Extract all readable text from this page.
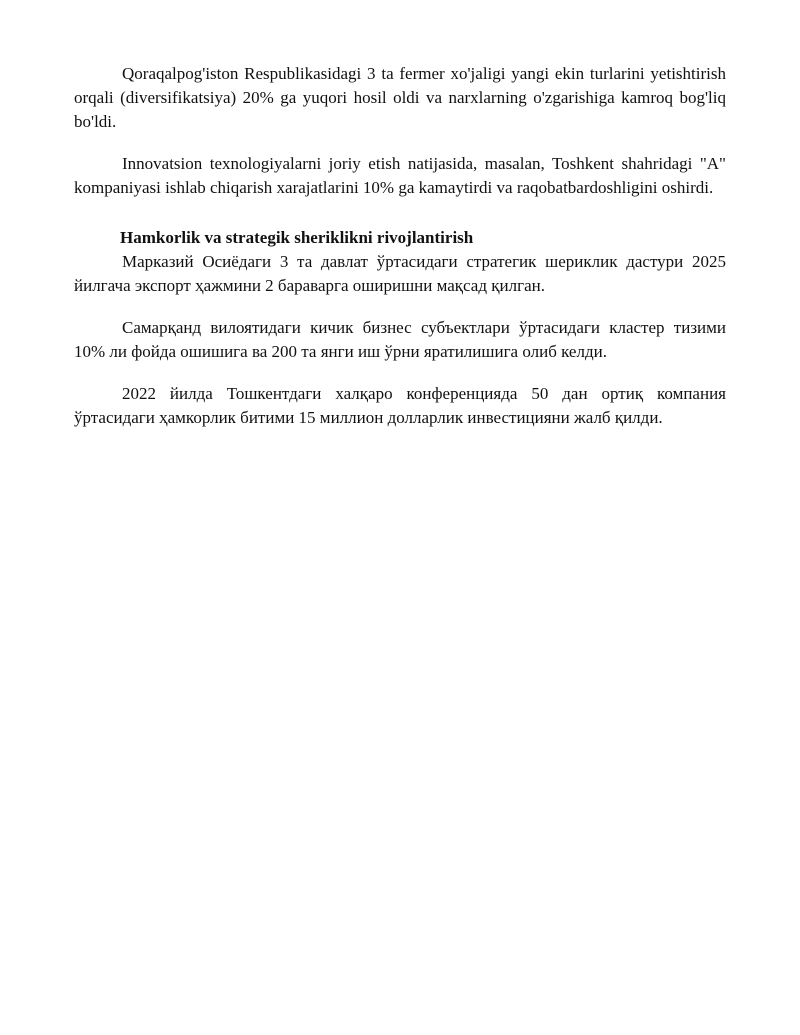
Qoraqalpog'iston Respublikasidagi 3 ta fermer xo'jaligi yangi ekin turlarini yetishtirish orqali (diversifikatsiya) 20% ga yuqori hosil oldi va narxlarning o'zgarishiga kamroq bog'liq bo'ldi.

Innovatsion texnologiyalarni joriy etish natijasida, masalan, Toshkent shahridagi "A" kompaniyasi ishlab chiqarish xarajatlarini 10% ga kamaytirdi va raqobatbardoshligini oshirdi.

Hamkorlik va strategik sheriklikni rivojlantirish

Марказий Осиёдаги 3 та давлат ўртасидаги стратегик шериклик дастури 2025 йилгача экспорт ҳажмини 2 бараварга оширишни мақсад қилган.

Самарқанд вилоятидаги кичик бизнес субъектлари ўртасидаги кластер тизими 10% ли фойда ошишига ва 200 та янги иш ўрни яратилишига олиб келди.

2022 йилда Тошкентдаги халқаро конференцияда 50 дан ортиқ компания ўртасидаги ҳамкорлик битими 15 миллион долларлик инвестицияни жалб қилди.
